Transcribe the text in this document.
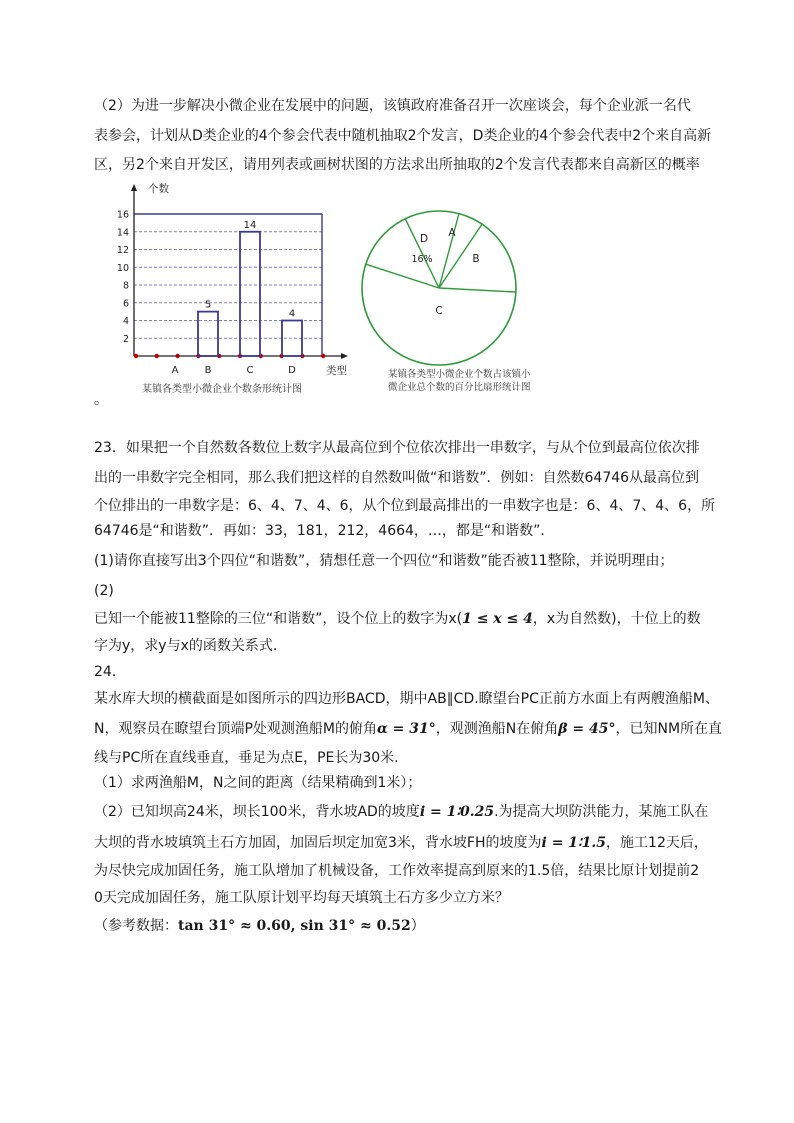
（2）为进一步解决小微企业在发展中的问题，该镇政府准备召开一次座谈会，每个企业派一名代
表参会，计划从D类企业的4个参会代表中随机抽取2个发言，D类企业的4个参会代表中2个来自高新
区，另2个来自开发区，请用列表或画树状图的方法求出所抽取的2个发言代表都来自高新区的概率
2
4
6
8
10
12
14
16
个数
类型
A	B
5
C
14
D
4
某镇各类型小微企业个数条形统计图
A
B
C
D
16%
某镇各类型小微企业个数占该镇小
微企业总个数的百分比扇形统计图
。
23．如果把一个自然数各数位上数字从最高位到个位依次排出一串数字，与从个位到最高位依次排
出的一串数字完全相同，那么我们把这样的自然数叫做“和谐数”．例如：自然数64746从最高位到
个位排出的一串数字是：6、4、7、4、6，从个位到最高排出的一串数字也是：6、4、7、4、6，所
64746是“和谐数”．再如：33，181，212，4664，…，都是“和谐数”．
(1)请你直接写出3个四位“和谐数”，猜想任意一个四位“和谐数”能否被11整除，并说明理由；
(2)
已知一个能被11整除的三位“和谐数”，设个位上的数字为x(1 ≤ x ≤ 4，x为自然数)，十位上的数
字为y，求y与x的函数关系式.
24．
某水库大坝的横截面是如图所示的四边形BACD，期中AB∥CD.瞭望台PC正前方水面上有两艘渔船M、
N，观察员在瞭望台顶端P处观测渔船M的俯角α = 31°，观测渔船N在俯角β = 45°，已知NM所在直
线与PC所在直线垂直，垂足为点E，PE长为30米.
（1）求两渔船M，N之间的距离（结果精确到1米）；
（2）已知坝高24米，坝长100米，背水坡AD的坡度i = 1∶0.25.为提高大坝防洪能力，某施工队在
大坝的背水坡填筑土石方加固，加固后坝定加宽3米，背水坡FH的坡度为i = 1∶1.5，施工12天后，
为尽快完成加固任务，施工队增加了机械设备，工作效率提高到原来的1.5倍，结果比原计划提前2
0天完成加固任务，施工队原计划平均每天填筑土石方多少立方米？
（参考数据：tan 31° ≈ 0.60, sin 31° ≈ 0.52）
